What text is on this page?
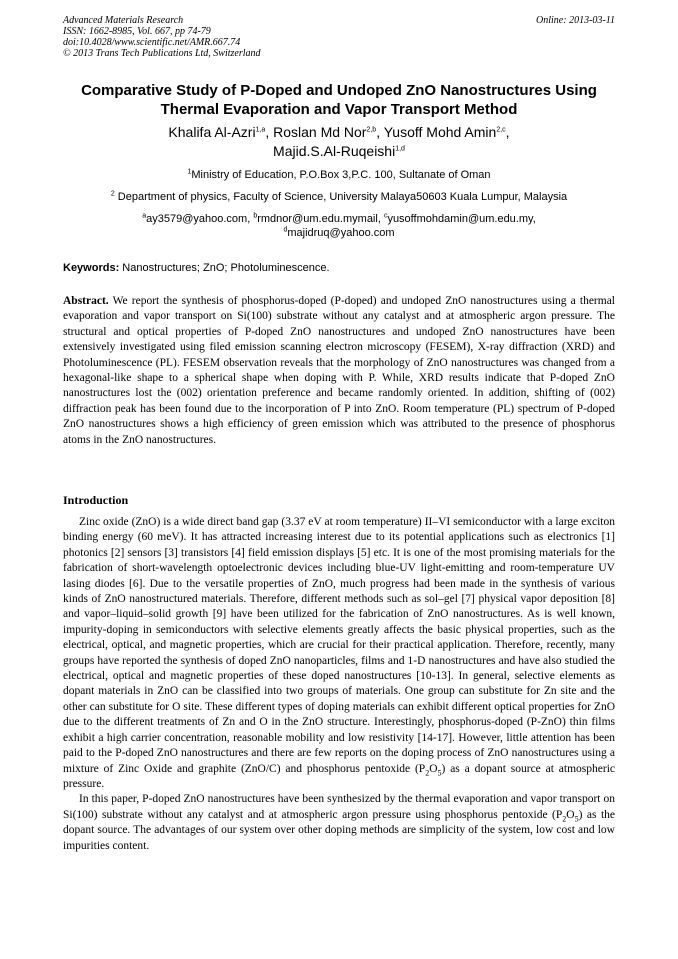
Advanced Materials Research
ISSN: 1662-8985, Vol. 667, pp 74-79
doi:10.4028/www.scientific.net/AMR.667.74
© 2013 Trans Tech Publications Ltd, Switzerland
Online: 2013-03-11
Comparative Study of P-Doped and Undoped ZnO Nanostructures Using Thermal Evaporation and Vapor Transport Method
Khalifa Al-Azri$^{1,a}$, Roslan Md Nor$^{2,b}$, Yusoff Mohd Amin$^{2,c}$,
Majid.S.Al-Ruqeishi$^{1,d}$
$^1$Ministry of Education, P.O.Box 3,P.C. 100, Sultanate of Oman
$^2$ Department of physics, Faculty of Science, University Malaya50603 Kuala Lumpur, Malaysia
$^a$ay3579@yahoo.com, $^b$rmdnor@um.edu.mymail, $^c$yusoffmohdamin@um.edu.my,
$^d$majidruq@yahoo.com
Keywords: Nanostructures; ZnO; Photoluminescence.

Abstract. We report the synthesis of phosphorus-doped (P-doped) and undoped ZnO nanostructures using a thermal evaporation and vapor transport on Si(100) substrate without any catalyst and at atmospheric argon pressure. The structural and optical properties of P-doped ZnO nanostructures and undoped ZnO nanostructures have been extensively investigated using filed emission scanning electron microscopy (FESEM), X-ray diffraction (XRD) and Photoluminescence (PL). FESEM observation reveals that the morphology of ZnO nanostructures was changed from a hexagonal-like shape to a spherical shape when doping with P. While, XRD results indicate that P-doped ZnO nanostructures lost the (002) orientation preference and became randomly oriented. In addition, shifting of (002) diffraction peak has been found due to the incorporation of P into ZnO. Room temperature (PL) spectrum of P-doped ZnO nanostructures shows a high efficiency of green emission which was attributed to the presence of phosphorus atoms in the ZnO nanostructures.

Introduction

Zinc oxide (ZnO) is a wide direct band gap (3.37 eV at room temperature) II–VI semiconductor with a large exciton binding energy (60 meV). It has attracted increasing interest due to its potential applications such as electronics [1] photonics [2] sensors [3] transistors [4] field emission displays [5] etc. It is one of the most promising materials for the fabrication of short-wavelength optoelectronic devices including blue-UV light-emitting and room-temperature UV lasing diodes [6]. Due to the versatile properties of ZnO, much progress had been made in the synthesis of various kinds of ZnO nanostructured materials. Therefore, different methods such as sol–gel [7] physical vapor deposition [8] and vapor–liquid–solid growth [9] have been utilized for the fabrication of ZnO nanostructures. As is well known, impurity-doping in semiconductors with selective elements greatly affects the basic physical properties, such as the electrical, optical, and magnetic properties, which are crucial for their practical application. Therefore, recently, many groups have reported the synthesis of doped ZnO nanoparticles, films and 1-D nanostructures and have also studied the electrical, optical and magnetic properties of these doped nanostructures [10-13]. In general, selective elements as dopant materials in ZnO can be classified into two groups of materials. One group can substitute for Zn site and the other can substitute for O site. These different types of doping materials can exhibit different optical properties for ZnO due to the different treatments of Zn and O in the ZnO structure. Interestingly, phosphorus-doped (P-ZnO) thin films exhibit a high carrier concentration, reasonable mobility and low resistivity [14-17]. However, little attention has been paid to the P-doped ZnO nanostructures and there are few reports on the doping process of ZnO nanostructures using a mixture of Zinc Oxide and graphite (ZnO/C) and phosphorus pentoxide $(P_2O_5)$ as a dopant source at atmospheric pressure.

In this paper, P-doped ZnO nanostructures have been synthesized by the thermal evaporation and vapor transport on Si(100) substrate without any catalyst and at atmospheric argon pressure using phosphorus pentoxide $(P_2O_5)$ as the dopant source. The advantages of our system over other doping methods are simplicity of the system, low cost and low impurities content.
